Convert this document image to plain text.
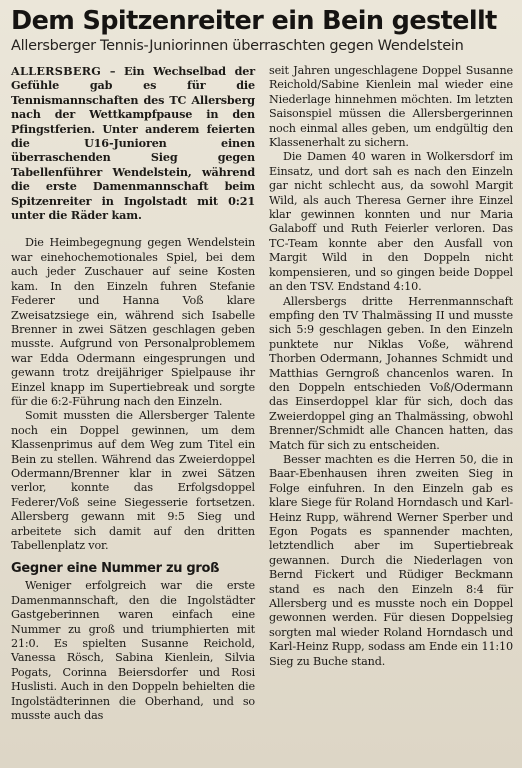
Dem Spitzenreiter ein Bein gestellt
Allersberger Tennis-Juniorinnen überraschten gegen Wendelstein

ALLERSBERG – Ein Wechselbad der Gefühle gab es für die Tennismannschaften des TC Allersberg nach der Wettkampfpause in den Pfingstferien. Unter anderem feierten die U16-Junioren einen überraschenden Sieg gegen Tabellenführer Wendelstein, während die erste Damenmannschaft beim Spitzenreiter in Ingolstadt mit 0:21 unter die Räder kam.

Die Heimbegegnung gegen Wendelstein war einehochemotionales Spiel, bei dem auch jeder Zuschauer auf seine Kosten kam. In den Einzeln fuhren Stefanie Federer und Hanna Voß klare Zweisatzsiege ein, während sich Isabelle Brenner in zwei Sätzen geschlagen geben musste. Aufgrund von Personalproblemem war Edda Odermann eingesprungen und gewann trotz dreijähriger Spielpause ihr Einzel knapp im Supertiebreak und sorgte für die 6:2-Führung nach den Einzeln.

Somit mussten die Allersberger Talente noch ein Doppel gewinnen, um dem Klassenprimus auf dem Weg zum Titel ein Bein zu stellen. Während das Zweierdoppel Odermann/Brenner klar in zwei Sätzen verlor, konnte das Erfolgsdoppel Federer/Voß seine Siegesserie fortsetzen. Allersberg gewann mit 9:5 Sieg und arbeitete sich damit auf den dritten Tabellenplatz vor.

Gegner eine Nummer zu groß

Weniger erfolgreich war die erste Damenmannschaft, den die Ingolstädter Gastgeberinnen waren einfach eine Nummer zu groß und triumphierten mit 21:0. Es spielten Susanne Reichold, Vanessa Rösch, Sabina Kienlein, Silvia Pogats, Corinna Beiersdorfer und Rosi Huslisti. Auch in den Doppeln behielten die Ingolstädterinnen die Oberhand, und so musste auch das

seit Jahren ungeschlagene Doppel Susanne Reichold/Sabine Kienlein mal wieder eine Niederlage hinnehmen möchten. Im letzten Saisonspiel müssen die Allersbergerinnen noch einmal alles geben, um endgültig den Klassenerhalt zu sichern.

Die Damen 40 waren in Wolkersdorf im Einsatz, und dort sah es nach den Einzeln gar nicht schlecht aus, da sowohl Margit Wild, als auch Theresa Gerner ihre Einzel klar gewinnen konnten und nur Maria Galaboff und Ruth Feierler verloren. Das TC-Team konnte aber den Ausfall von Margit Wild in den Doppeln nicht kompensieren, und so gingen beide Doppel an den TSV. Endstand 4:10.

Allersbergs dritte Herrenmannschaft empfing den TV Thalmässing II und musste sich 5:9 geschlagen geben. In den Einzeln punktete nur Niklas Voße, während Thorben Odermann, Johannes Schmidt und Matthias Gerngroß chancenlos waren. In den Doppeln entschieden Voß/Odermann das Einserdoppel klar für sich, doch das Zweierdoppel ging an Thalmässing, obwohl Brenner/Schmidt alle Chancen hatten, das Match für sich zu entscheiden.

Besser machten es die Herren 50, die in Baar-Ebenhausen ihren zweiten Sieg in Folge einfuhren. In den Einzeln gab es klare Siege für Roland Horndasch und Karl-Heinz Rupp, während Werner Sperber und Egon Pogats es spannender machten, letztendlich aber im Supertiebreak gewannen. Durch die Niederlagen von Bernd Fickert und Rüdiger Beckmann stand es nach den Einzeln 8:4 für Allersberg und es musste noch ein Doppel gewonnen werden. Für diesen Doppelsieg sorgten mal wieder Roland Horndasch und Karl-Heinz Rupp, sodass am Ende ein 11:10 Sieg zu Buche stand.
